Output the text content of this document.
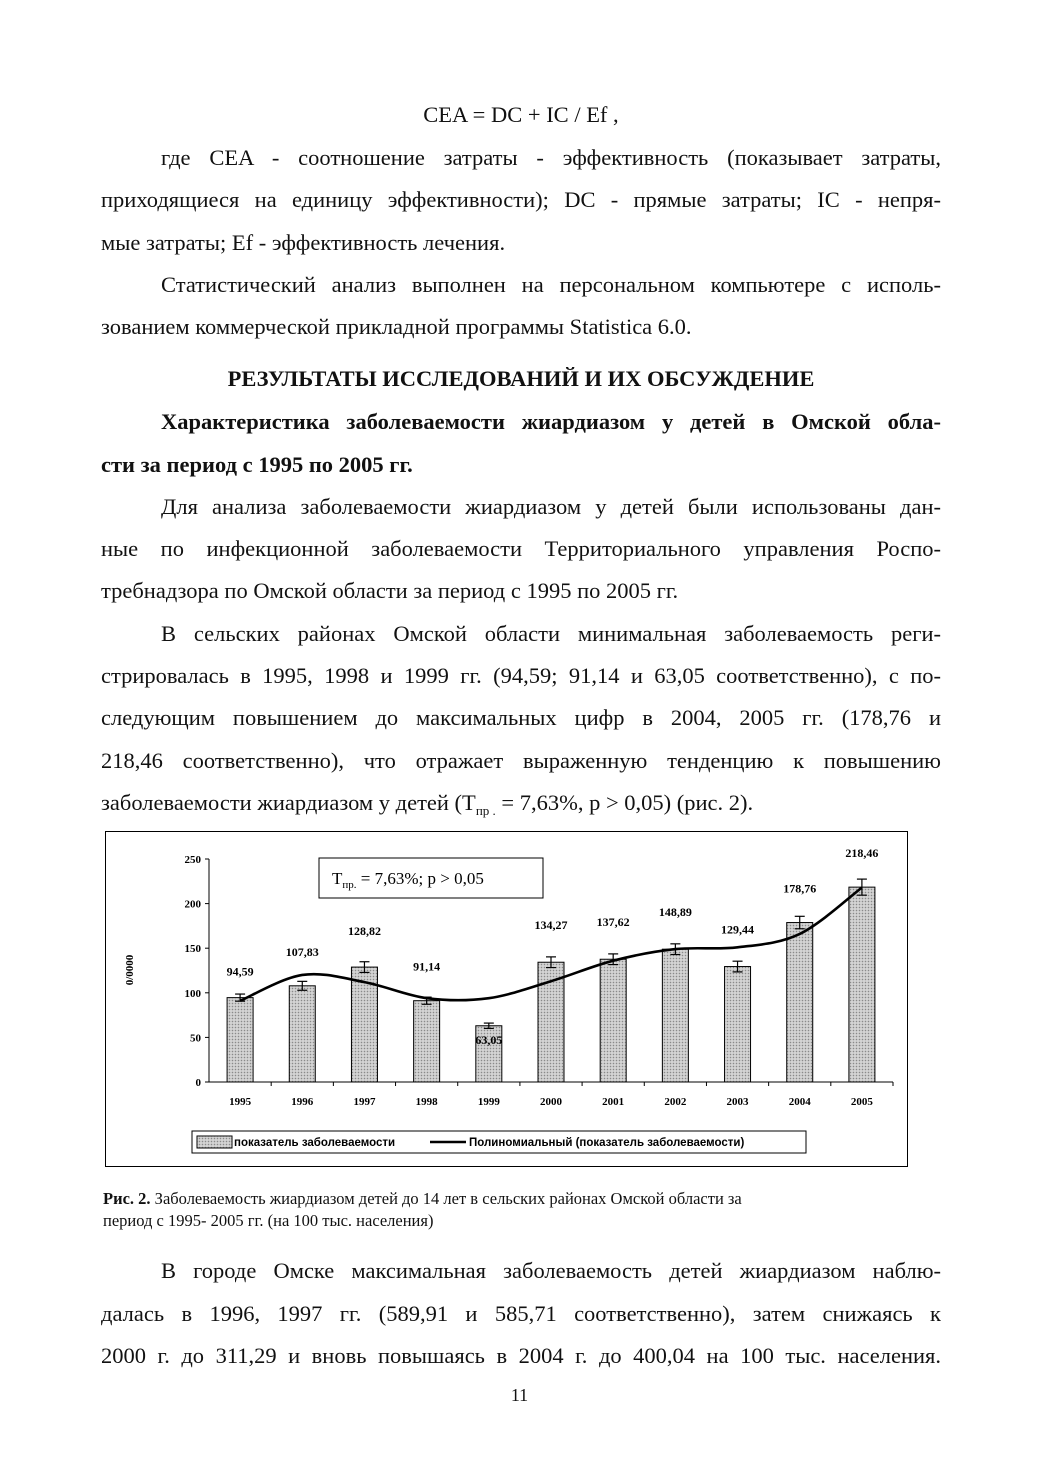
CEA = DC + IC / Ef ,
где CEA - соотношение затраты - эффективность (показывает затраты,
приходящиеся на единицу эффективности); DC - прямые затраты; IC - непря-
мые затраты; Ef - эффективность лечения.
Статистический анализ выполнен на персональном компьютере с исполь-
зованием коммерческой прикладной программы Statistica 6.0.
РЕЗУЛЬТАТЫ ИССЛЕДОВАНИЙ И ИХ ОБСУЖДЕНИЕ
Характеристика заболеваемости жиардиазом у детей в Омской обла-
сти за период с 1995 по 2005 гг.
Для анализа заболеваемости жиардиазом у детей были использованы дан-
ные по инфекционной заболеваемости Территориального управления Роспо-
требнадзора по Омской области за период с 1995 по 2005 гг.
В сельских районах Омской области минимальная заболеваемость реги-
стрировалась в 1995, 1998 и 1999 гг. (94,59; 91,14 и 63,05 соответственно), с по-
следующим повышением до максимальных цифр в 2004, 2005 гг. (178,76 и
218,46 соответственно), что отражает выраженную тенденцию к повышению
заболеваемости жиардиазом у детей ($T_{пр .} = 7,63\%$, p > 0,05) (рис. 2).
0
50
100
150
200
250
0/0000
1995	1996	1997	1998	1999	2000	2001	2002	2003	2004	2005
94,59
107,83
128,82
91,14
63,05
134,27 137,62
148,89
129,44
178,76
218,46
$T_{пр.} = 7,63\%$; p > 0,05
показатель заболеваемости	Полиномиальный (показатель заболеваемости)
Рис. 2. Заболеваемость жиардиазом детей до 14 лет в сельских районах Омской области за
период с 1995- 2005 гг. (на 100 тыс. населения)
В городе Омске максимальная заболеваемость детей жиардиазом наблю-
далась в 1996, 1997 гг. (589,91 и 585,71 соответственно), затем снижаясь к
2000 г. до 311,29 и вновь повышаясь в 2004 г. до 400,04 на 100 тыс. населения.
11
